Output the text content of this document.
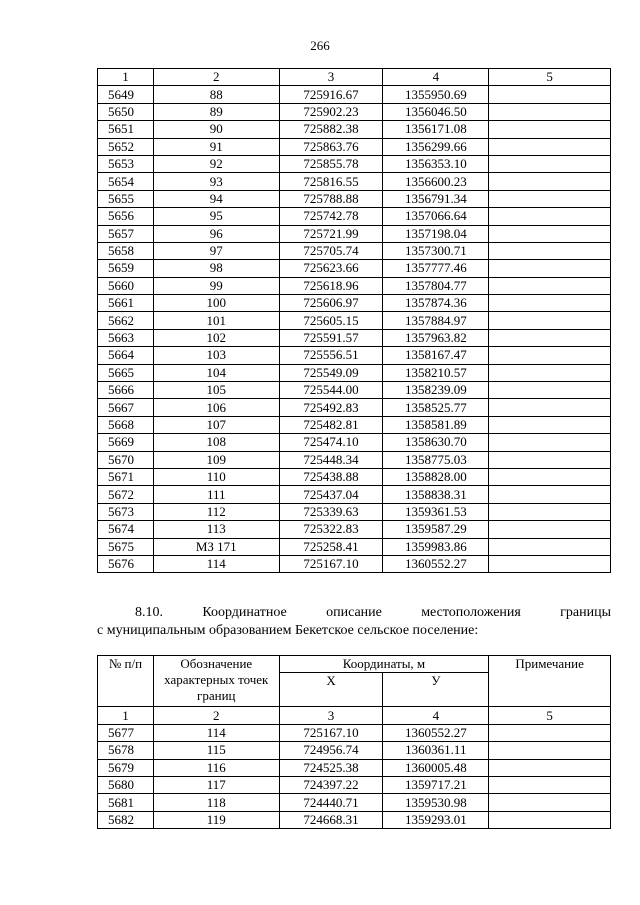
266
1	2	3	4	5
5649	88	725916.67	1355950.69	
5650	89	725902.23	1356046.50	
5651	90	725882.38	1356171.08	
5652	91	725863.76	1356299.66	
5653	92	725855.78	1356353.10	
5654	93	725816.55	1356600.23	
5655	94	725788.88	1356791.34	
5656	95	725742.78	1357066.64	
5657	96	725721.99	1357198.04	
5658	97	725705.74	1357300.71	
5659	98	725623.66	1357777.46	
5660	99	725618.96	1357804.77	
5661	100	725606.97	1357874.36	
5662	101	725605.15	1357884.97	
5663	102	725591.57	1357963.82	
5664	103	725556.51	1358167.47	
5665	104	725549.09	1358210.57	
5666	105	725544.00	1358239.09	
5667	106	725492.83	1358525.77	
5668	107	725482.81	1358581.89	
5669	108	725474.10	1358630.70	
5670	109	725448.34	1358775.03	
5671	110	725438.88	1358828.00	
5672	111	725437.04	1358838.31	
5673	112	725339.63	1359361.53	
5674	113	725322.83	1359587.29	
5675	МЗ 171	725258.41	1359983.86	
5676	114	725167.10	1360552.27	
8.10.	Координатное	описание	местоположения	границы
с муниципальным образованием Бекетское сельское поселение:
№ п/п	Обозначение характерных точек границ	Координаты, м		Примечание
		Х	У	
1	2	3	4	5
5677	114	725167.10	1360552.27	
5678	115	724956.74	1360361.11	
5679	116	724525.38	1360005.48	
5680	117	724397.22	1359717.21	
5681	118	724440.71	1359530.98	
5682	119	724668.31	1359293.01	
